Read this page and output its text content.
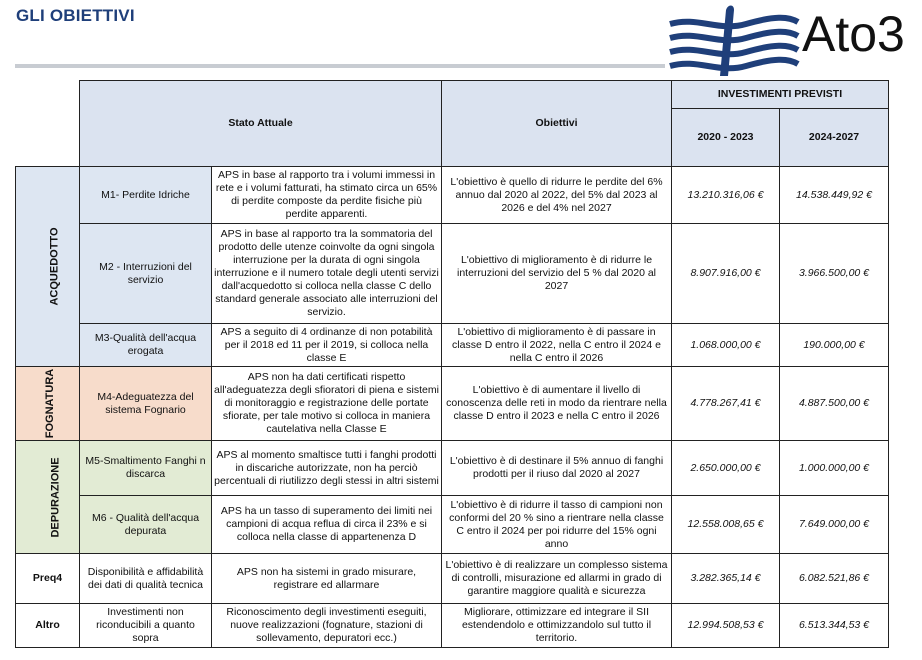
GLI OBIETTIVI	Ato3
	Stato Attuale		Obiettivi	INVESTIMENTI PREVISTI	
				2020 - 2023	2024-2027
ACQUEDOTTO	M1- Perdite Idriche	APS in base al rapporto tra i volumi immessi in rete e i volumi fatturati, ha stimato circa un 65% di perdite composte da perdite fisiche più perdite apparenti.	L'obiettivo è quello di ridurre le perdite del 6% annuo dal 2020 al 2022, del 5% dal 2023 al 2026 e del 4% nel 2027	13.210.316,06 €	14.538.449,92 €
	M2 - Interruzioni del servizio	APS in base al rapporto tra la sommatoria del prodotto delle utenze coinvolte da ogni singola interruzione per la durata di ogni singola interruzione e il numero totale degli utenti servizi dall'acquedotto si colloca nella classe C dello standard generale associato alle interruzioni del servizio.	L'obiettivo di miglioramento è di ridurre le interruzioni del servizio del 5 % dal 2020 al 2027	8.907.916,00 €	3.966.500,00 €
	M3-Qualità dell'acqua erogata	APS a seguito di 4 ordinanze di non potabilità per il 2018 ed 11 per il 2019, si colloca nella classe E	L'obiettivo di miglioramento è di passare in classe D entro il 2022, nella C entro il 2024 e nella C entro il 2026	1.068.000,00 €	190.000,00 €
FOGNATURA	M4-Adeguatezza del sistema Fognario	APS non ha dati certificati rispetto all'adeguatezza degli sfioratori di piena e sistemi di monitoraggio e registrazione delle portate sfiorate, per tale motivo si colloca in maniera cautelativa nella Classe E	L'obiettivo è di aumentare il livello di conoscenza delle reti in modo da rientrare nella classe D entro il 2023 e nella C entro il 2026	4.778.267,41 €	4.887.500,00 €
DEPURAZIONE	M5-Smaltimento Fanghi n discarca	APS al momento smaltisce tutti i fanghi prodotti in discariche autorizzate, non ha perciò percentuali di riutilizzo degli stessi in altri sistemi	L'obiettivo è di destinare il 5% annuo di fanghi prodotti per il riuso dal 2020 al 2027	2.650.000,00 €	1.000.000,00 €
	M6 - Qualità dell'acqua depurata	APS ha un tasso di superamento dei limiti nei campioni di acqua reflua di circa il 23% e si colloca nella classe di appartenenza D	L'obiettivo è di ridurre il tasso di campioni non conformi del 20 % sino a rientrare nella classe C entro il 2024 per poi ridurre del 15% ogni anno	12.558.008,65 €	7.649.000,00 €
Preq4	Disponibilità e affidabilità dei dati di qualità tecnica	APS non ha sistemi in grado misurare, registrare ed allarmare	L'obiettivo è di realizzare un complesso sistema di controlli, misurazione ed allarmi in grado di garantire maggiore qualità e sicurezza	3.282.365,14 €	6.082.521,86 €
Altro	Investimenti non riconducibili a quanto sopra	Riconoscimento degli investimenti eseguiti, nuove realizzazioni (fognature, stazioni di sollevamento, depuratori ecc.)	Migliorare, ottimizzare ed integrare il SII estendendolo e ottimizzandolo sul tutto il territorio.	12.994.508,53 €	6.513.344,53 €
